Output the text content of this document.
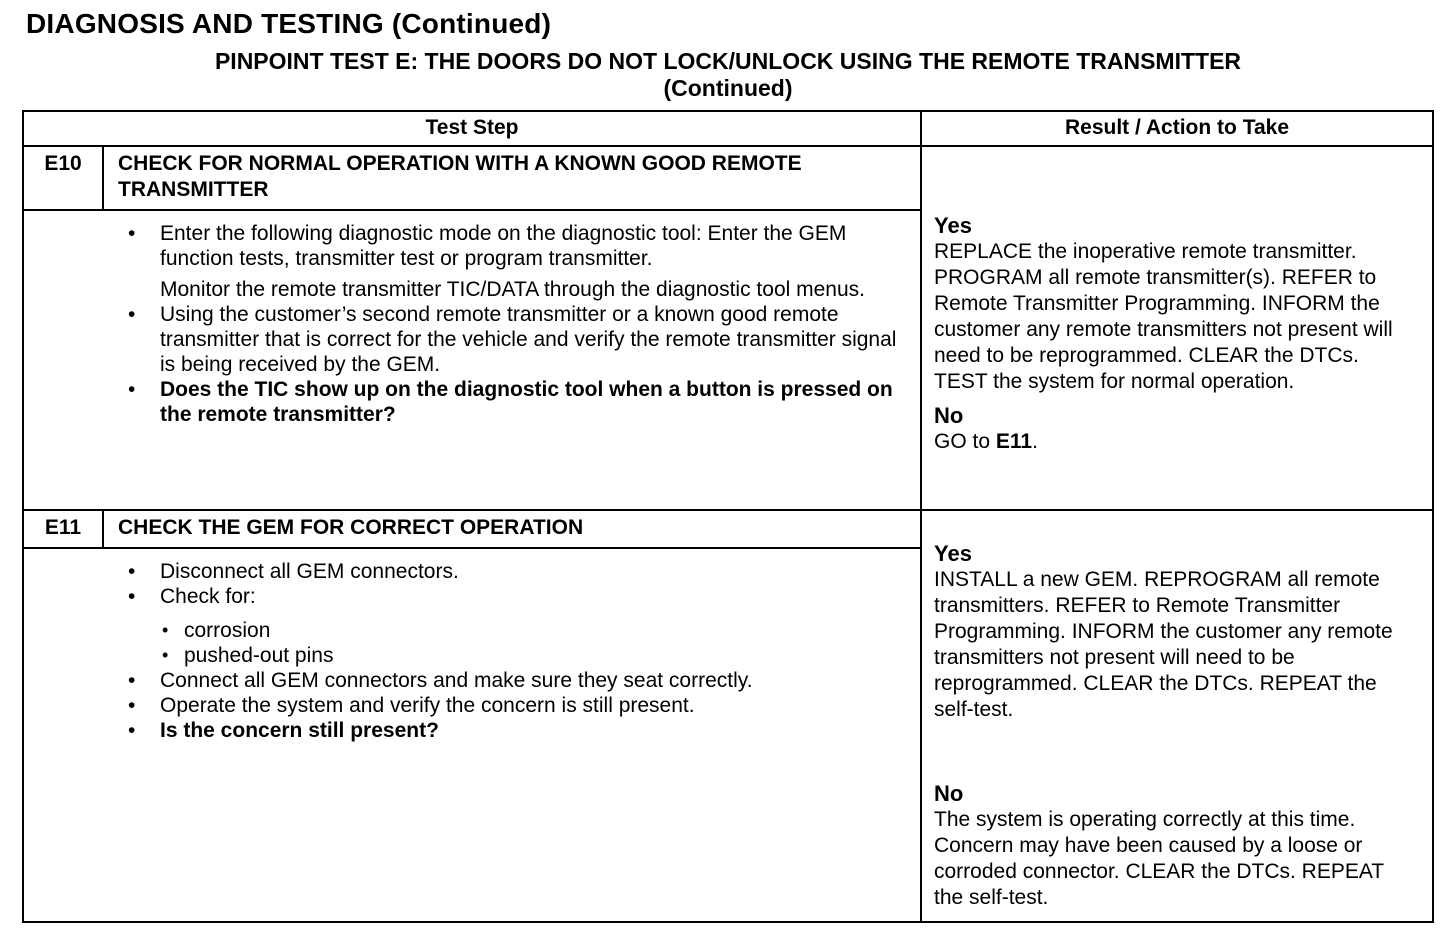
DIAGNOSIS AND TESTING (Continued)
PINPOINT TEST E: THE DOORS DO NOT LOCK/UNLOCK USING THE REMOTE TRANSMITTER
(Continued)
Test Step	Result / Action to Take
E10	CHECK FOR NORMAL OPERATION WITH A KNOWN GOOD REMOTE TRANSMITTER
•	Enter the following diagnostic mode on the diagnostic tool: Enter the GEM function tests, transmitter test or program transmitter.
Monitor the remote transmitter TIC/DATA through the diagnostic tool menus.
•	Using the customer’s second remote transmitter or a known good remote transmitter that is correct for the vehicle and verify the remote transmitter signal is being received by the GEM.
•	Does the TIC show up on the diagnostic tool when a button is pressed on the remote transmitter?
Yes
REPLACE the inoperative remote transmitter. PROGRAM all remote transmitter(s). REFER to Remote Transmitter Programming. INFORM the customer any remote transmitters not present will need to be reprogrammed. CLEAR the DTCs. TEST the system for normal operation.
No
GO to E11.
E11	CHECK THE GEM FOR CORRECT OPERATION
•	Disconnect all GEM connectors.
•	Check for:
• corrosion
• pushed-out pins
•	Connect all GEM connectors and make sure they seat correctly.
•	Operate the system and verify the concern is still present.
•	Is the concern still present?
Yes
INSTALL a new GEM. REPROGRAM all remote transmitters. REFER to Remote Transmitter Programming. INFORM the customer any remote transmitters not present will need to be reprogrammed. CLEAR the DTCs. REPEAT the self-test.
No
The system is operating correctly at this time. Concern may have been caused by a loose or corroded connector. CLEAR the DTCs. REPEAT the self-test.
